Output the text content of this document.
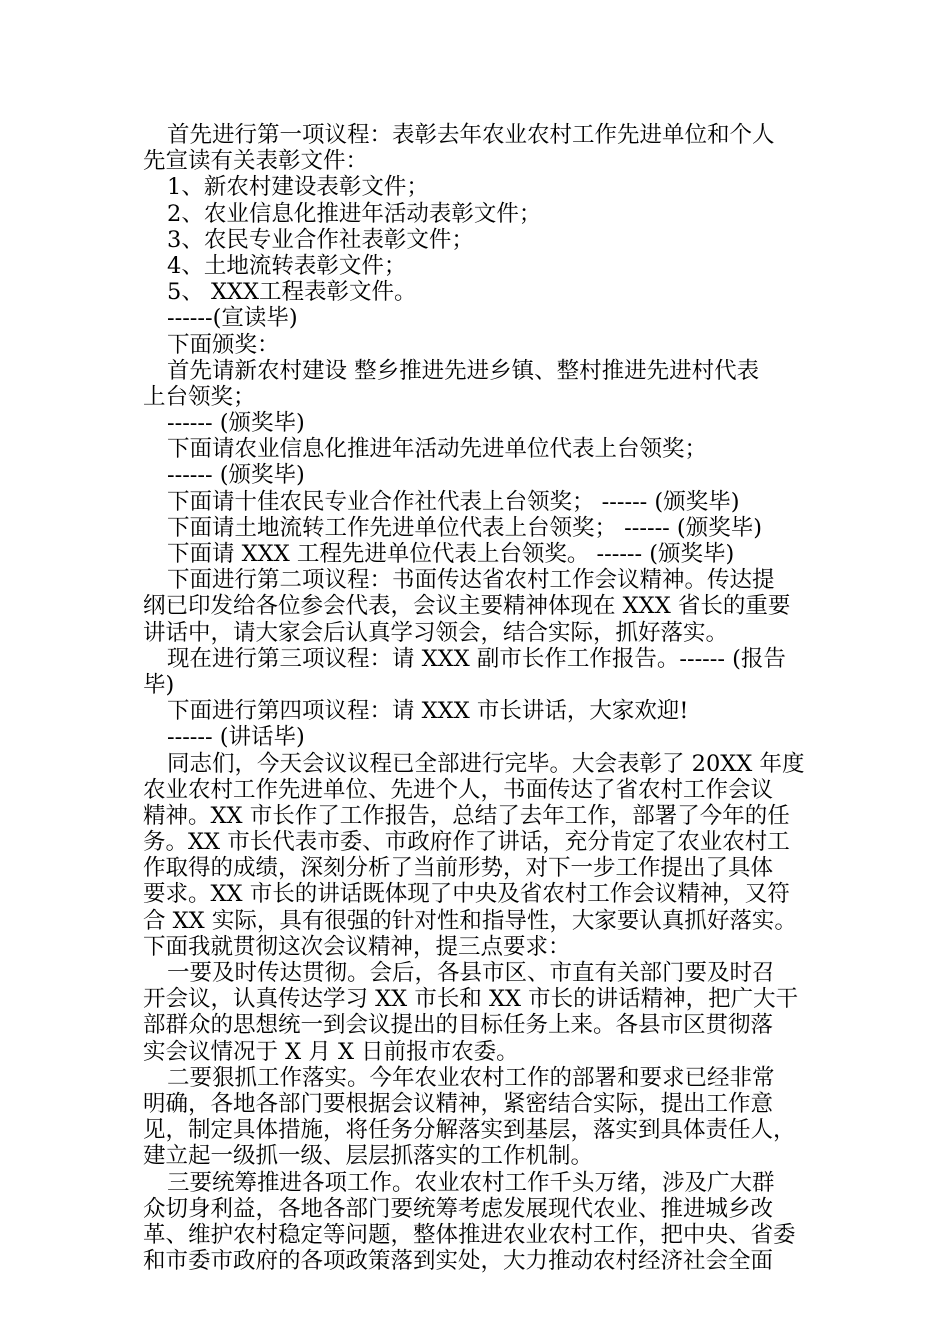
首先进行第一项议程：表彰去年农业农村工作先进单位和个人
先宣读有关表彰文件：
1、新农村建设表彰文件；
2、农业信息化推进年活动表彰文件；
3、农民专业合作社表彰文件；
4、土地流转表彰文件；
5、 XXX工程表彰文件。
------(宣读毕)
下面颁奖：
首先请新农村建设 整乡推进先进乡镇、整村推进先进村代表
上台领奖；
------ (颁奖毕)
下面请农业信息化推进年活动先进单位代表上台领奖；
------ (颁奖毕)
下面请十佳农民专业合作社代表上台领奖； ------ (颁奖毕)
下面请土地流转工作先进单位代表上台领奖； ------ (颁奖毕)
下面请 XXX 工程先进单位代表上台领奖。 ------ (颁奖毕)
下面进行第二项议程：书面传达省农村工作会议精神。传达提
纲已印发给各位参会代表，会议主要精神体现在 XXX 省长的重要
讲话中，请大家会后认真学习领会，结合实际，抓好落实。
现在进行第三项议程：请 XXX 副市长作工作报告。------ (报告
毕)
下面进行第四项议程：请 XXX 市长讲话，大家欢迎!
------ (讲话毕)
同志们，今天会议议程已全部进行完毕。大会表彰了 20XX 年度
农业农村工作先进单位、先进个人，书面传达了省农村工作会议
精神。XX 市长作了工作报告，总结了去年工作，部署了今年的任
务。XX 市长代表市委、市政府作了讲话，充分肯定了农业农村工
作取得的成绩，深刻分析了当前形势，对下一步工作提出了具体
要求。XX 市长的讲话既体现了中央及省农村工作会议精神，又符
合 XX 实际，具有很强的针对性和指导性，大家要认真抓好落实。
下面我就贯彻这次会议精神，提三点要求：
一要及时传达贯彻。会后，各县市区、市直有关部门要及时召
开会议，认真传达学习 XX 市长和 XX 市长的讲话精神，把广大干
部群众的思想统一到会议提出的目标任务上来。各县市区贯彻落
实会议情况于 X 月 X 日前报市农委。
二要狠抓工作落实。今年农业农村工作的部署和要求已经非常
明确，各地各部门要根据会议精神，紧密结合实际，提出工作意
见，制定具体措施，将任务分解落实到基层，落实到具体责任人，
建立起一级抓一级、层层抓落实的工作机制。
三要统筹推进各项工作。农业农村工作千头万绪，涉及广大群
众切身利益，各地各部门要统筹考虑发展现代农业、推进城乡改
革、维护农村稳定等问题，整体推进农业农村工作，把中央、省委
和市委市政府的各项政策落到实处，大力推动农村经济社会全面
